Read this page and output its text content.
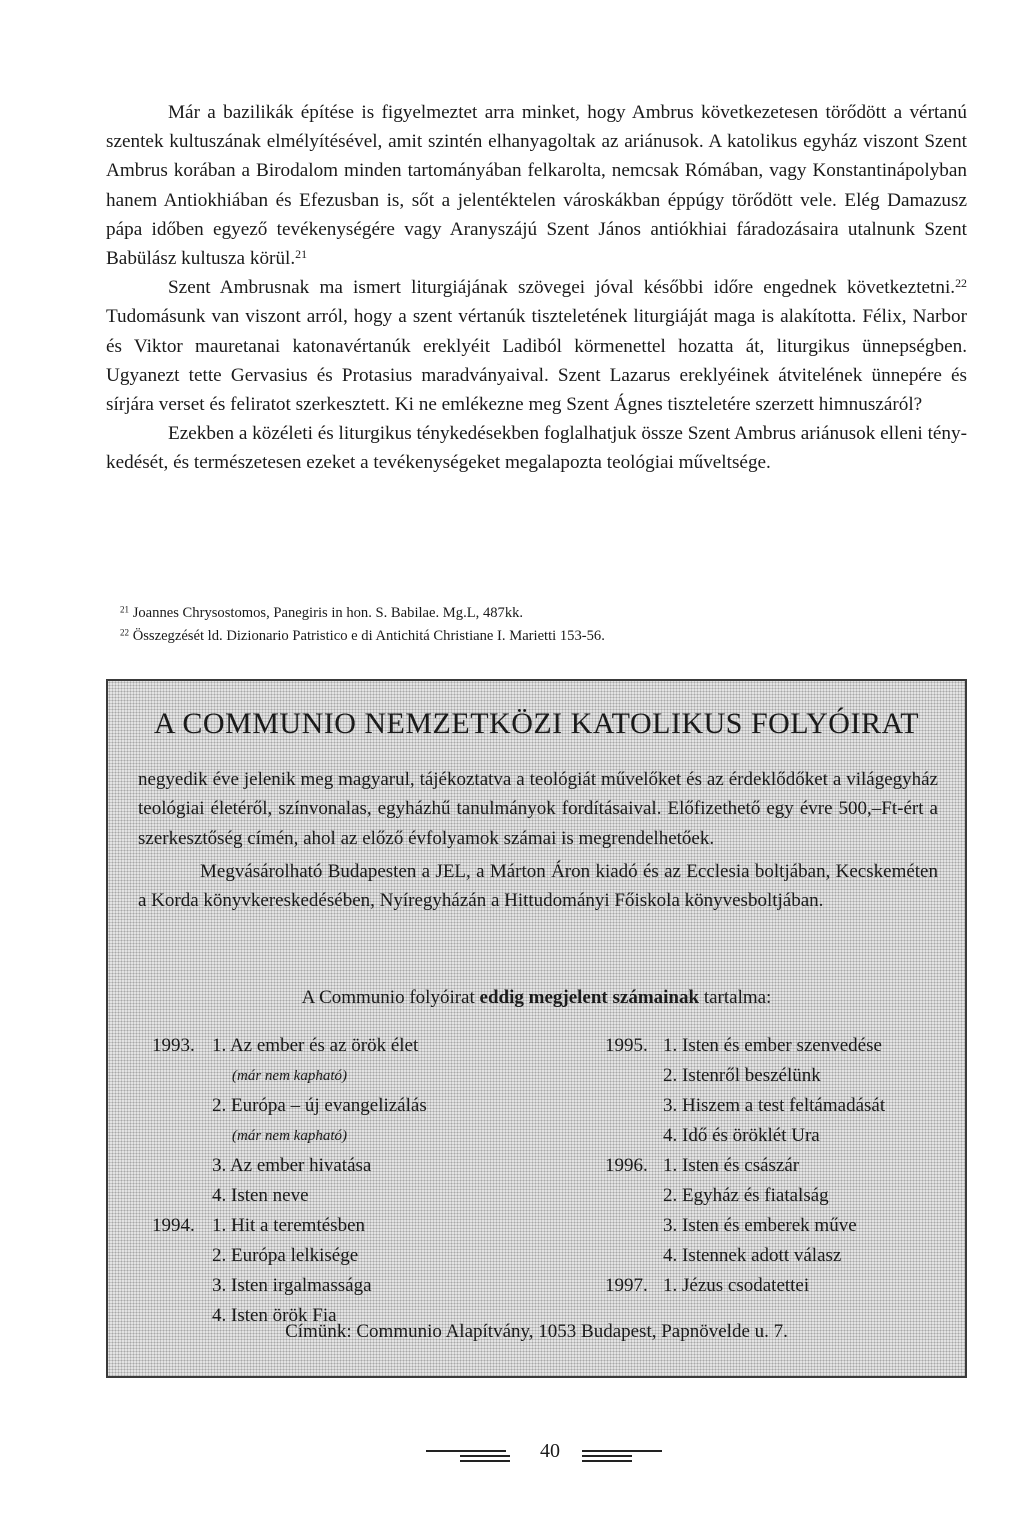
Már a bazilikák építése is figyelmeztet arra minket, hogy Ambrus következetesen törődött a vértanú szentek kultuszának elmélyítésével, amit szintén elhanyagoltak az ariánusok. A katolikus egyház viszont Szent Ambrus korában a Birodalom minden tartományában felkarolta, nemcsak Rómában, vagy Konstantinápolyban hanem Antiokhiában és Efezusban is, sőt a jelentéktelen városkákban éppúgy törődött vele. Elég Damazusz pápa időben egyező tevékenységére vagy Aranyszájú Szent János antiókhiai fáradozásaira utalnunk Szent Babülász kultusza körül.$^{21}$

Szent Ambrusnak ma ismert liturgiájának szövegei jóval későbbi időre engednek következtetni.$^{22}$ Tudomásunk van viszont arról, hogy a szent vértanúk tiszteletének liturgiáját maga is alakította. Félix, Narbor és Viktor mauretanai katonavértanúk ereklyéit Ladiból körmenettel hozatta át, liturgikus ünnepségben. Ugyanezt tette Gervasius és Protasius maradványaival. Szent Lazarus ereklyéinek átvitelének ünnepére és sírjára verset és feliratot szerkesztett. Ki ne emlékezne meg Szent Ágnes tiszteletére szerzett himnuszáról?

Ezekben a közéleti és liturgikus ténykedésekben foglalhatjuk össze Szent Ambrus ariánusok elleni ténykedését, és természetesen ezeket a tevékenységeket megalapozta teológiai műveltsége.

$^{21}$ Joannes Chrysostomos, Panegiris in hon. S. Babilae. Mg.L, 487kk.

$^{22}$ Összegzését ld. Dizionario Patristico e di Antichitá Christiane I. Marietti 153-56.

A COMMUNIO NEMZETKÖZI KATOLIKUS FOLYÓIRAT

negyedik éve jelenik meg magyarul, tájékoztatva a teológiát művelőket és az érdeklődőket a világegyház teológiai életéről, színvonalas, egyházhű tanulmányok fordításaival. Előfizethető egy évre 500,–Ft-ért a szerkesztőség címén, ahol az előző évfolyamok számai is megrendelhetőek.

Megvásárolható Budapesten a JEL, a Márton Áron kiadó és az Ecclesia boltjában, Kecskeméten a Korda könyvkereskedésében, Nyíregyházán a Hittudományi Főiskola könyvesboltjában.

A Communio folyóirat eddig megjelent számainak tartalma:
1993. 1. Az ember és az örök élet
(már nem kapható)
2. Európa – új evangelizálás
(már nem kapható)
3. Az ember hivatása
4. Isten neve
1994. 1. Hit a teremtésben
2. Európa lelkisége
3. Isten irgalmassága
4. Isten örök Fia
1995. 1. Isten és ember szenvedése
2. Istenről beszélünk
3. Hiszem a test feltámadását
4. Idő és öröklét Ura
1996. 1. Isten és császár
2. Egyház és fiatalság
3. Isten és emberek műve
4. Istennek adott válasz
1997. 1. Jézus csodatettei
Címünk: Communio Alapítvány, 1053 Budapest, Papnövelde u. 7.
40
